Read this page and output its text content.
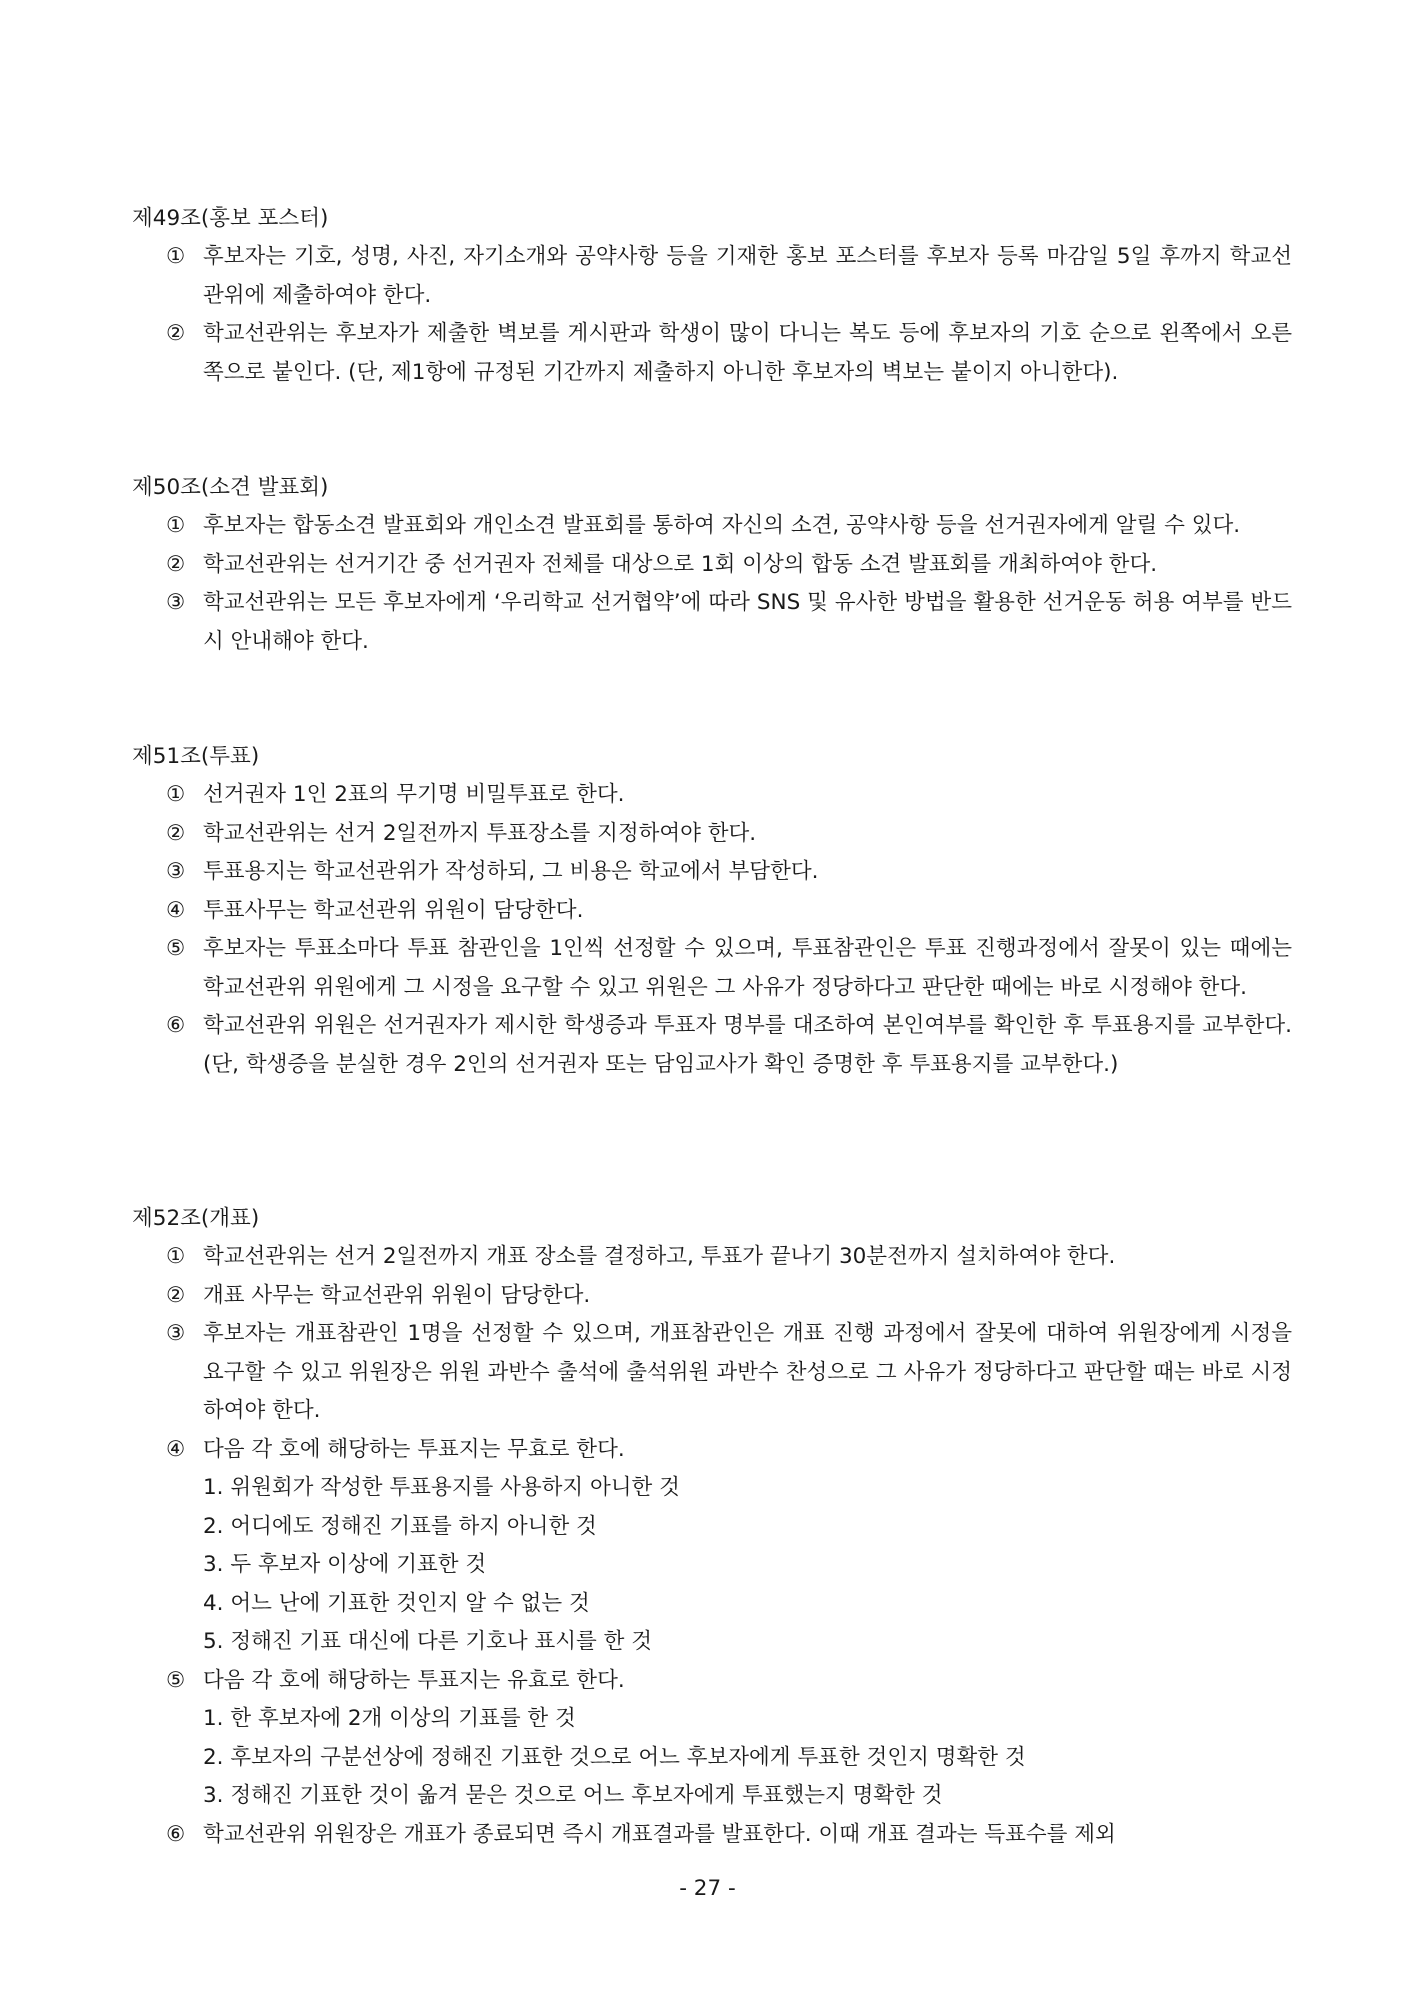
제49조(홍보 포스터)
① 후보자는 기호, 성명, 사진, 자기소개와 공약사항 등을 기재한 홍보 포스터를 후보자 등록 마감일 5일 후까지 학교선관위에 제출하여야 한다.
② 학교선관위는 후보자가 제출한 벽보를 게시판과 학생이 많이 다니는 복도 등에 후보자의 기호 순으로 왼쪽에서 오른쪽으로 붙인다. (단, 제1항에 규정된 기간까지 제출하지 아니한 후보자의 벽보는 붙이지 아니한다).
제50조(소견 발표회)
① 후보자는 합동소견 발표회와 개인소견 발표회를 통하여 자신의 소견, 공약사항 등을 선거권자에게 알릴 수 있다.
② 학교선관위는 선거기간 중 선거권자 전체를 대상으로 1회 이상의 합동 소견 발표회를 개최하여야 한다.
③ 학교선관위는 모든 후보자에게 ‘우리학교 선거협약’에 따라 SNS 및 유사한 방법을 활용한 선거운동 허용 여부를 반드시 안내해야 한다.
제51조(투표)
① 선거권자 1인 2표의 무기명 비밀투표로 한다.
② 학교선관위는 선거 2일전까지 투표장소를 지정하여야 한다.
③ 투표용지는 학교선관위가 작성하되, 그 비용은 학교에서 부담한다.
④ 투표사무는 학교선관위 위원이 담당한다.
⑤ 후보자는 투표소마다 투표 참관인을 1인씩 선정할 수 있으며, 투표참관인은 투표 진행과정에서 잘못이 있는 때에는 학교선관위 위원에게 그 시정을 요구할 수 있고 위원은 그 사유가 정당하다고 판단한 때에는 바로 시정해야 한다.
⑥ 학교선관위 위원은 선거권자가 제시한 학생증과 투표자 명부를 대조하여 본인여부를 확인한 후 투표용지를 교부한다. (단, 학생증을 분실한 경우 2인의 선거권자 또는 담임교사가 확인 증명한 후 투표용지를 교부한다.)
제52조(개표)
① 학교선관위는 선거 2일전까지 개표 장소를 결정하고, 투표가 끝나기 30분전까지 설치하여야 한다.
② 개표 사무는 학교선관위 위원이 담당한다.
③ 후보자는 개표참관인 1명을 선정할 수 있으며, 개표참관인은 개표 진행 과정에서 잘못에 대하여 위원장에게 시정을 요구할 수 있고 위원장은 위원 과반수 출석에 출석위원 과반수 찬성으로 그 사유가 정당하다고 판단할 때는 바로 시정하여야 한다.
④ 다음 각 호에 해당하는 투표지는 무효로 한다.
1. 위원회가 작성한 투표용지를 사용하지 아니한 것
2. 어디에도 정해진 기표를 하지 아니한 것
3. 두 후보자 이상에 기표한 것
4. 어느 난에 기표한 것인지 알 수 없는 것
5. 정해진 기표 대신에 다른 기호나 표시를 한 것
⑤ 다음 각 호에 해당하는 투표지는 유효로 한다.
1. 한 후보자에 2개 이상의 기표를 한 것
2. 후보자의 구분선상에 정해진 기표한 것으로 어느 후보자에게 투표한 것인지 명확한 것
3. 정해진 기표한 것이 옮겨 묻은 것으로 어느 후보자에게 투표했는지 명확한 것
⑥ 학교선관위 위원장은 개표가 종료되면 즉시 개표결과를 발표한다. 이때 개표 결과는 득표수를 제외
- 27 -
